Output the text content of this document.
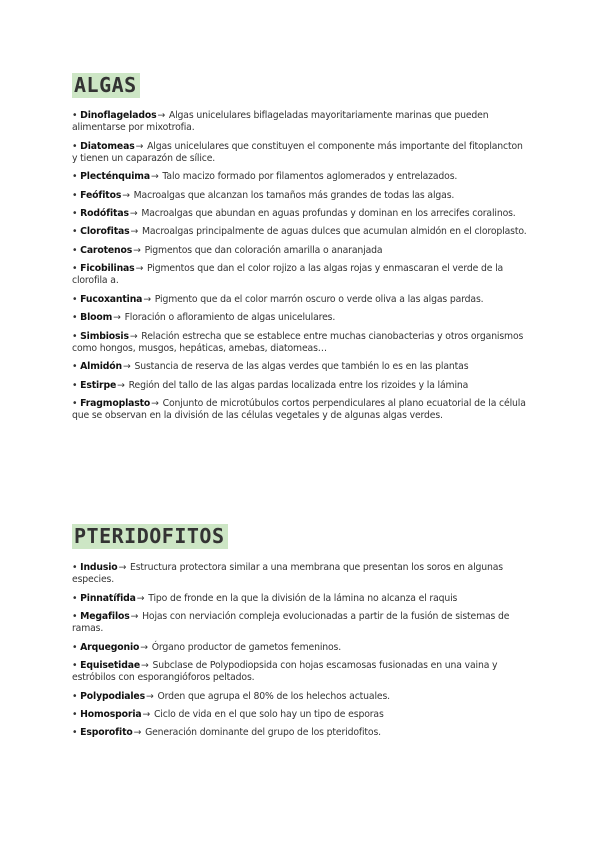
ALGAS
• Dinoflagelados→ Algas unicelulares biflageladas mayoritariamente marinas que pueden alimentarse por mixotrofia.
• Diatomeas→ Algas unicelulares que constituyen el componente más importante del fitoplancton y tienen un caparazón de sílice.
• Plecténquima→ Talo macizo formado por filamentos aglomerados y entrelazados.
• Feófitos→ Macroalgas que alcanzan los tamaños más grandes de todas las algas.
• Rodófitas→ Macroalgas que abundan en aguas profundas y dominan en los arrecifes coralinos.
• Clorofitas→ Macroalgas principalmente de aguas dulces que acumulan almidón en el cloroplasto.
• Carotenos→ Pigmentos que dan coloración amarilla o anaranjada
• Ficobilinas→ Pigmentos que dan el color rojizo a las algas rojas y enmascaran el verde de la clorofila a.
• Fucoxantina→ Pigmento que da el color marrón oscuro o verde oliva a las algas pardas.
• Bloom→ Floración o afloramiento de algas unicelulares.
• Simbiosis→ Relación estrecha que se establece entre muchas cianobacterias y otros organismos como hongos, musgos, hepáticas, amebas, diatomeas…
• Almidón→ Sustancia de reserva de las algas verdes que también lo es en las plantas
• Estirpe→ Región del tallo de las algas pardas localizada entre los rizoides y la lámina
• Fragmoplasto→ Conjunto de microtúbulos cortos perpendiculares al plano ecuatorial de la célula que se observan en la división de las células vegetales y de algunas algas verdes.
PTERIDOFITOS
• Indusio→ Estructura protectora similar a una membrana que presentan los soros en algunas especies.
• Pinnatífida→ Tipo de fronde en la que la división de la lámina no alcanza el raquis
• Megafilos→ Hojas con nerviación compleja evolucionadas a partir de la fusión de sistemas de ramas.
• Arquegonio→ Órgano productor de gametos femeninos.
• Equisetidae→ Subclase de Polypodiopsida con hojas escamosas fusionadas en una vaina y estróbilos con esporangióforos peltados.
• Polypodiales→ Orden que agrupa el 80% de los helechos actuales.
• Homosporia→ Ciclo de vida en el que solo hay un tipo de esporas
• Esporofito→ Generación dominante del grupo de los pteridofitos.
